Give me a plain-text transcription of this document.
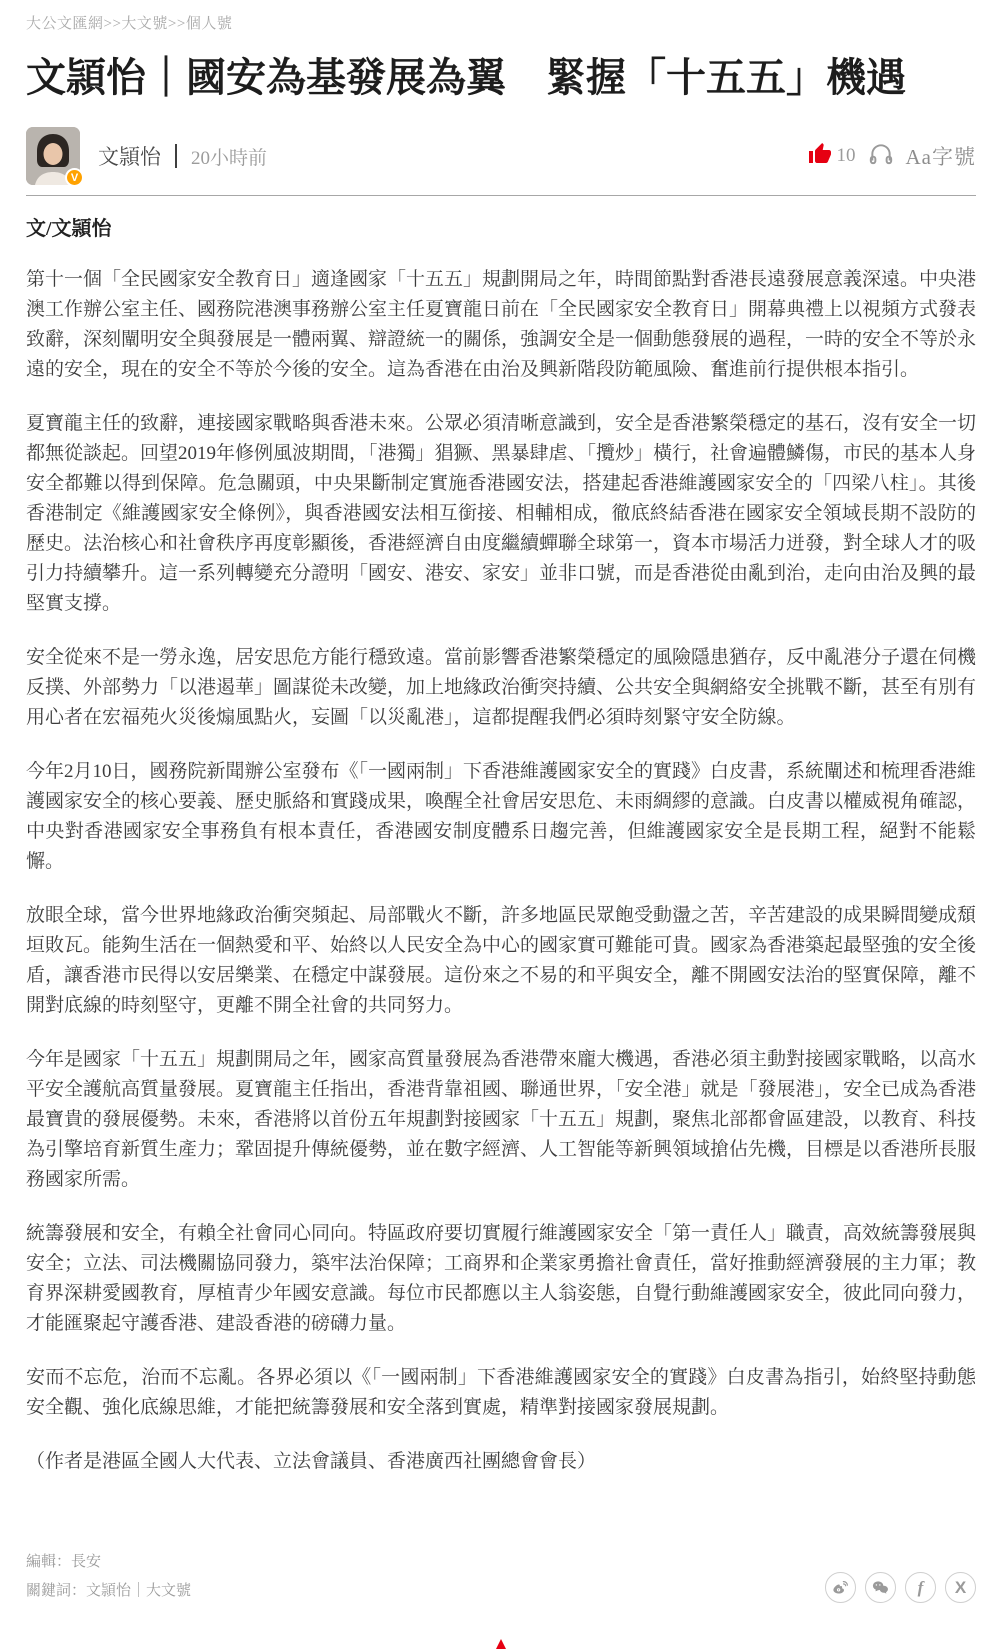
大公文匯網>>大文號>>個人號
文頴怡｜國安為基發展為翼　緊握「十五五」機遇
V
文頴怡 20小時前	10 Aa字號
文/文頴怡

第十一個「全民國家安全教育日」適逢國家「十五五」規劃開局之年，時間節點對香港長遠發展意義深遠。中央港澳工作辦公室主任、國務院港澳事務辦公室主任夏寶龍日前在「全民國家安全教育日」開幕典禮上以視頻方式發表致辭，深刻闡明安全與發展是一體兩翼、辯證統一的關係，強調安全是一個動態發展的過程，一時的安全不等於永遠的安全，現在的安全不等於今後的安全。這為香港在由治及興新階段防範風險、奮進前行提供根本指引。

夏寶龍主任的致辭，連接國家戰略與香港未來。公眾必須清晰意識到，安全是香港繁榮穩定的基石，沒有安全一切都無從談起。回望2019年修例風波期間，「港獨」猖獗、黑暴肆虐、「攬炒」橫行，社會遍體鱗傷，市民的基本人身安全都難以得到保障。危急關頭，中央果斷制定實施香港國安法，搭建起香港維護國家安全的「四梁八柱」。其後香港制定《維護國家安全條例》，與香港國安法相互銜接、相輔相成，徹底終結香港在國家安全領域長期不設防的歷史。法治核心和社會秩序再度彰顯後，香港經濟自由度繼續蟬聯全球第一，資本市場活力迸發，對全球人才的吸引力持續攀升。這一系列轉變充分證明「國安、港安、家安」並非口號，而是香港從由亂到治，走向由治及興的最堅實支撐。

安全從來不是一勞永逸，居安思危方能行穩致遠。當前影響香港繁榮穩定的風險隱患猶存，反中亂港分子還在伺機反撲、外部勢力「以港遏華」圖謀從未改變，加上地緣政治衝突持續、公共安全與網絡安全挑戰不斷，甚至有別有用心者在宏福苑火災後煽風點火，妄圖「以災亂港」，這都提醒我們必須時刻緊守安全防線。

今年2月10日，國務院新聞辦公室發布《「一國兩制」下香港維護國家安全的實踐》白皮書，系統闡述和梳理香港維護國家安全的核心要義、歷史脈絡和實踐成果，喚醒全社會居安思危、未雨綢繆的意識。白皮書以權威視角確認，中央對香港國家安全事務負有根本責任，香港國安制度體系日趨完善，但維護國家安全是長期工程，絕對不能鬆懈。

放眼全球，當今世界地緣政治衝突頻起、局部戰火不斷，許多地區民眾飽受動盪之苦，辛苦建設的成果瞬間變成頹垣敗瓦。能夠生活在一個熱愛和平、始終以人民安全為中心的國家實可難能可貴。國家為香港築起最堅強的安全後盾，讓香港市民得以安居樂業、在穩定中謀發展。這份來之不易的和平與安全，離不開國安法治的堅實保障，離不開對底線的時刻堅守，更離不開全社會的共同努力。

今年是國家「十五五」規劃開局之年，國家高質量發展為香港帶來龐大機遇，香港必須主動對接國家戰略，以高水平安全護航高質量發展。夏寶龍主任指出，香港背靠祖國、聯通世界，「安全港」就是「發展港」，安全已成為香港最寶貴的發展優勢。未來，香港將以首份五年規劃對接國家「十五五」規劃，聚焦北部都會區建設，以教育、科技為引擎培育新質生產力；鞏固提升傳統優勢，並在數字經濟、人工智能等新興領域搶佔先機，目標是以香港所長服務國家所需。

統籌發展和安全，有賴全社會同心同向。特區政府要切實履行維護國家安全「第一責任人」職責，高效統籌發展與安全；立法、司法機關協同發力，築牢法治保障；工商界和企業家勇擔社會責任，當好推動經濟發展的主力軍；教育界深耕愛國教育，厚植青少年國安意識。每位市民都應以主人翁姿態，自覺行動維護國家安全，彼此同向發力，才能匯聚起守護香港、建設香港的磅礴力量。

安而不忘危，治而不忘亂。各界必須以《「一國兩制」下香港維護國家安全的實踐》白皮書為指引，始終堅持動態安全觀、強化底線思維，才能把統籌發展和安全落到實處，精準對接國家發展規劃。

（作者是港區全國人大代表、立法會議員、香港廣西社團總會會長）

編輯：長安
關鍵詞：文頴怡｜大文號	f	X
